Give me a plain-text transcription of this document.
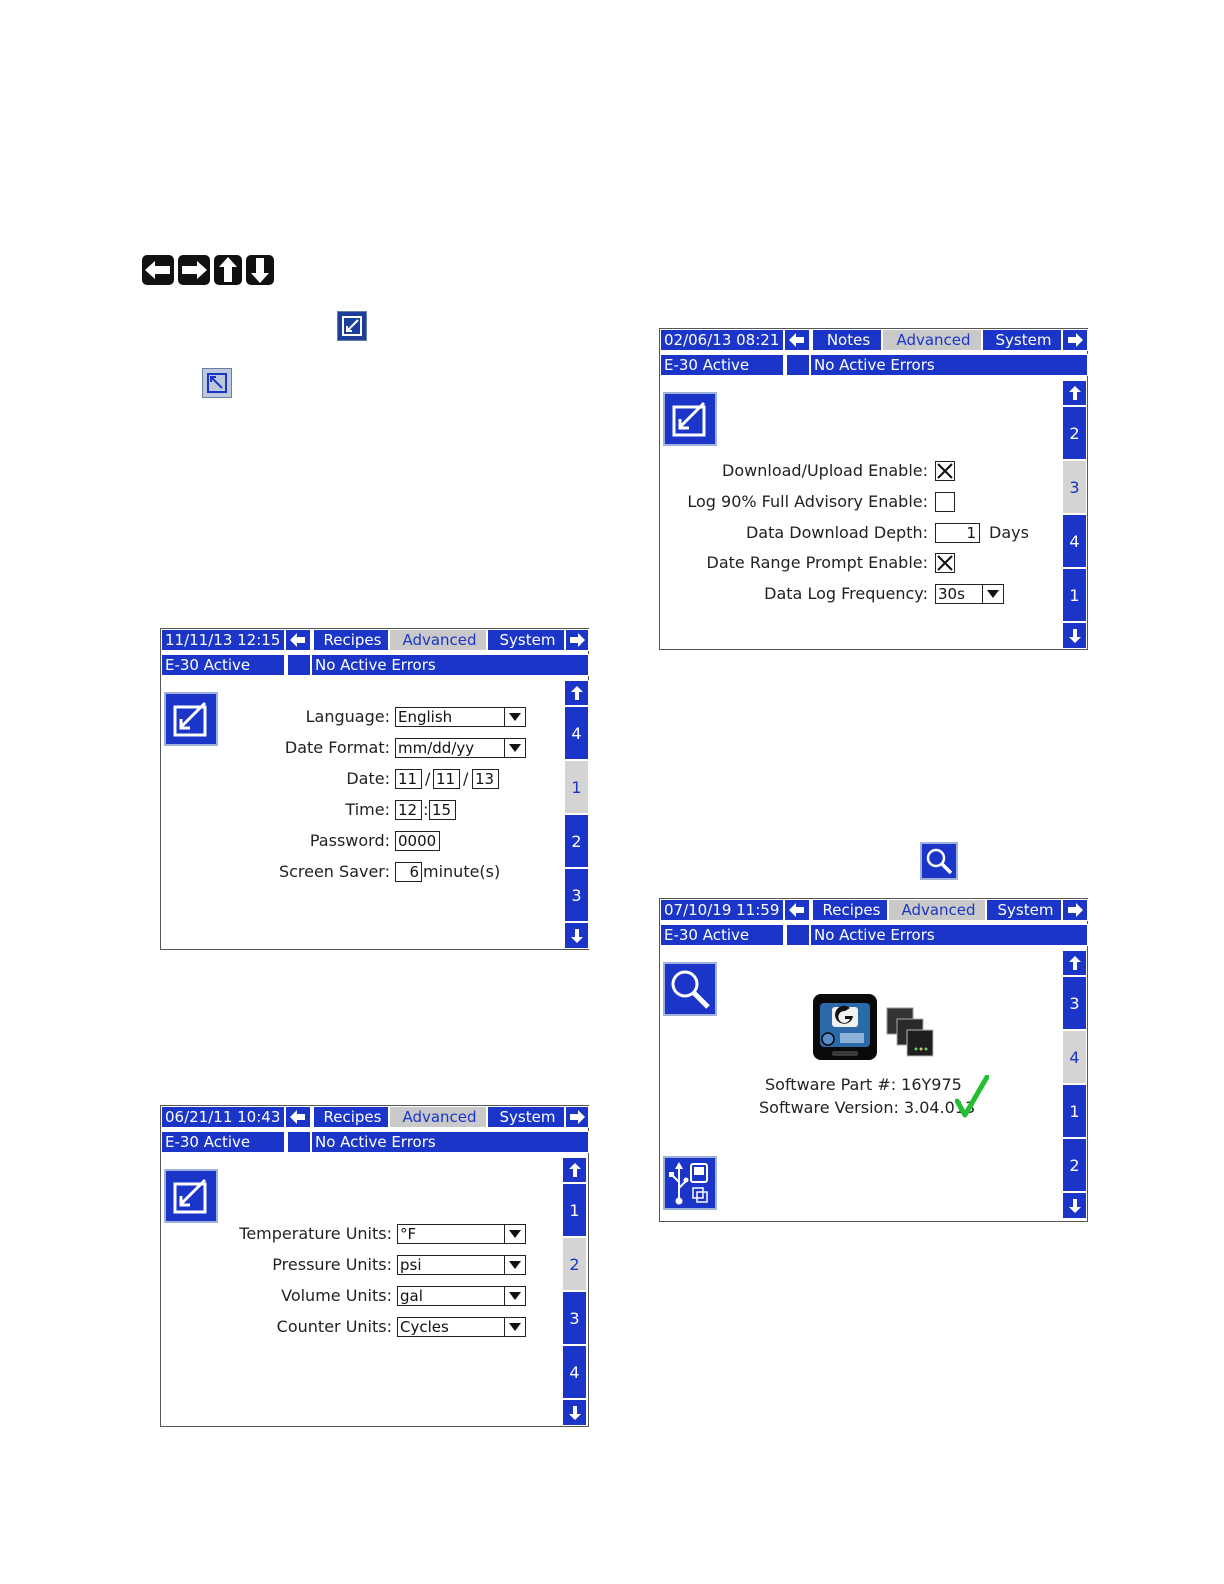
11/11/13 12:15	Recipes	Advanced	System
E-30 Active	No Active Errors
4
1
2
3
Language: English
Date Format: mm/dd/yy
Date: 11 / 11 / 13
Time: 12 : 15
Password: 0000
Screen Saver:	6 minute(s)
06/21/11 10:43	Recipes	Advanced	System
E-30 Active	No Active Errors
1
2
3
4
Temperature Units: °F
Pressure Units: psi
Volume Units: gal
Counter Units: Cycles
02/06/13 08:21	Notes	Advanced	System
E-30 Active	No Active Errors
2
3
4
1
Download/Upload Enable:
Log 90% Full Advisory Enable:
Data Download Depth:	1 Days
Date Range Prompt Enable:
Data Log Frequency: 30s
07/10/19 11:59	Recipes	Advanced	System
E-30 Active	No Active Errors
3
4
1
2
Software Part #: 16Y975
Software Version: 3.04.013
